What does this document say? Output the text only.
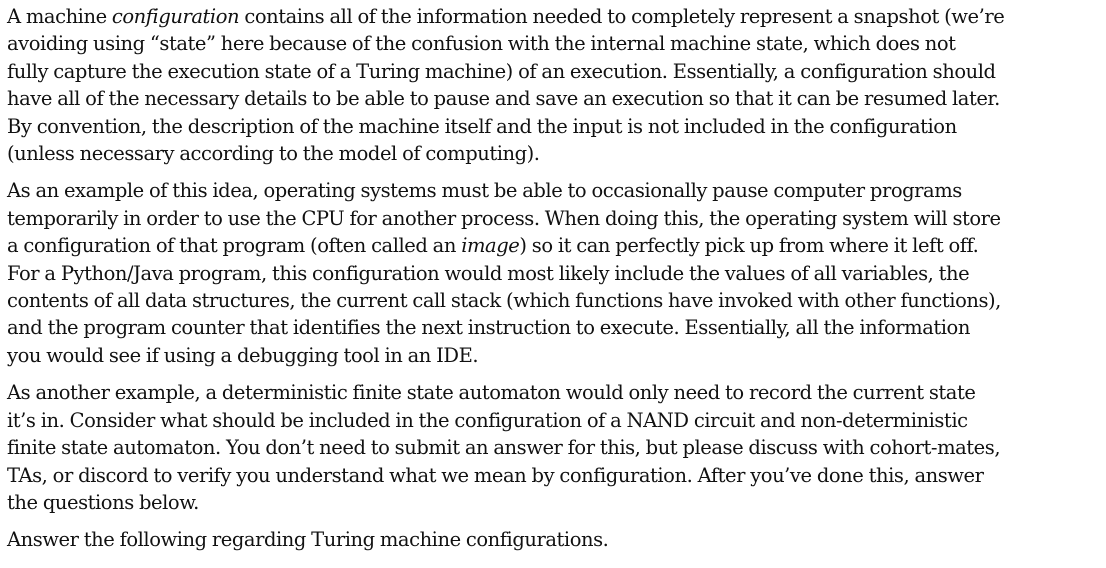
A machine configuration contains all of the information needed to completely represent a snapshot (we’re
avoiding using “state” here because of the confusion with the internal machine state, which does not
fully capture the execution state of a Turing machine) of an execution. Essentially, a configuration should
have all of the necessary details to be able to pause and save an execution so that it can be resumed later.
By convention, the description of the machine itself and the input is not included in the configuration
(unless necessary according to the model of computing).

As an example of this idea, operating systems must be able to occasionally pause computer programs
temporarily in order to use the CPU for another process. When doing this, the operating system will store
a configuration of that program (often called an image) so it can perfectly pick up from where it left off.
For a Python/Java program, this configuration would most likely include the values of all variables, the
contents of all data structures, the current call stack (which functions have invoked with other functions),
and the program counter that identifies the next instruction to execute. Essentially, all the information
you would see if using a debugging tool in an IDE.

As another example, a deterministic finite state automaton would only need to record the current state
it’s in. Consider what should be included in the configuration of a NAND circuit and non-deterministic
finite state automaton. You don’t need to submit an answer for this, but please discuss with cohort-mates,
TAs, or discord to verify you understand what we mean by configuration. After you’ve done this, answer
the questions below.

Answer the following regarding Turing machine configurations.
